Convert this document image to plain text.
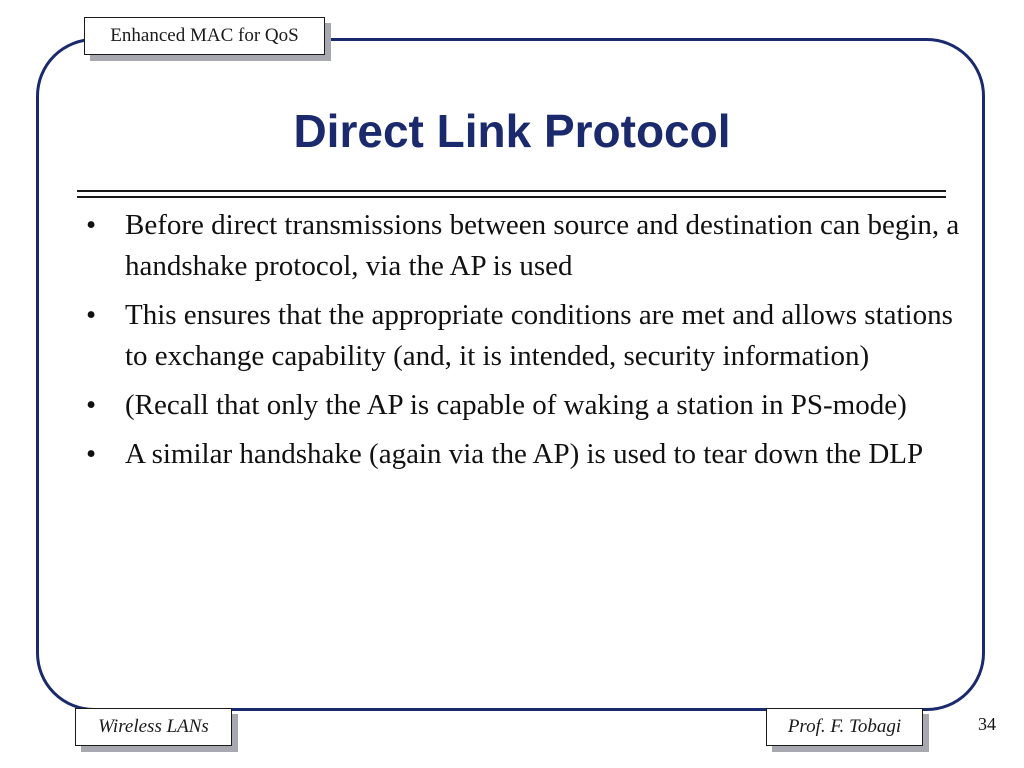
Enhanced MAC for QoS
Direct Link Protocol
• Before direct transmissions between source and destination can begin, a handshake protocol, via the AP is used
• This ensures that the appropriate conditions are met and allows stations to exchange capability (and, it is intended, security information)
• (Recall that only the AP is capable of waking a station in PS-mode)
• A similar handshake (again via the AP) is used to tear down the DLP
Wireless LANs	Prof. F. Tobagi	34
